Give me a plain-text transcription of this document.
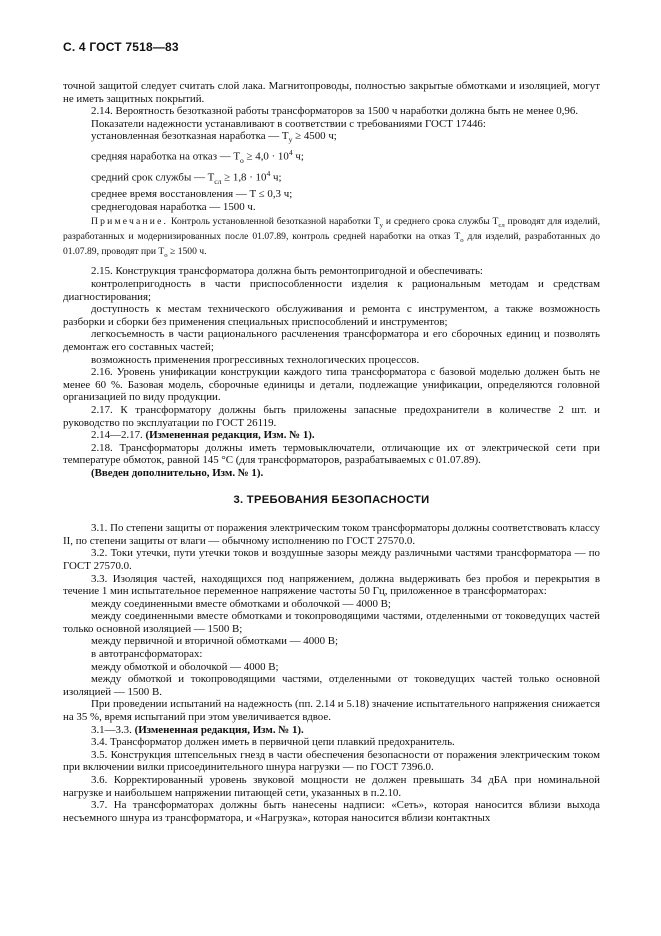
С. 4 ГОСТ 7518—83

точной защитой следует считать слой лака. Магнитопроводы, полностью закрытые обмотками и изоляцией, могут не иметь защитных покрытий.

2.14. Вероятность безотказной работы трансформаторов за 1500 ч наработки должна быть не менее 0,96.

Показатели надежности устанавливают в соответствии с требованиями ГОСТ 17446:

установленная безотказная наработка — $T_у \ge 4500$ ч;

средняя наработка на отказ — $T_о \ge 4,0 \cdot 10^4$ ч;

средний срок службы — $T_{сл} \ge 1,8 \cdot 10^4$ ч;

среднее время восстановления — T ≤ 0,3 ч;

среднегодовая наработка — 1500 ч.

Примечание. Контроль установленной безотказной наработки $T_у$ и среднего срока службы $T_{сл}$ проводят для изделий, разработанных и модернизированных после 01.07.89, контроль средней наработки на отказ $T_о$ для изделий, разработанных до 01.07.89, проводят при $T_о \ge 1500$ ч.

2.15. Конструкция трансформатора должна быть ремонтопригодной и обеспечивать:

контролепригодность в части приспособленности изделия к рациональным методам и средствам диагностирования;

доступность к местам технического обслуживания и ремонта с инструментом, а также возможность разборки и сборки без применения специальных приспособлений и инструментов;

легкосъемность в части рационального расчленения трансформатора и его сборочных единиц и позволять демонтаж его составных частей;

возможность применения прогрессивных технологических процессов.

2.16. Уровень унификации конструкции каждого типа трансформатора с базовой моделью должен быть не менее 60 %. Базовая модель, сборочные единицы и детали, подлежащие унификации, определяются головной организацией по виду продукции.

2.17. К трансформатору должны быть приложены запасные предохранители в количестве 2 шт. и руководство по эксплуатации по ГОСТ 26119.

2.14—2.17. (Измененная редакция, Изм. № 1).

2.18. Трансформаторы должны иметь термовыключатели, отличающие их от электрической сети при температуре обмоток, равной 145 °С (для трансформаторов, разрабатываемых с 01.07.89).

(Введен дополнительно, Изм. № 1).

3. ТРЕБОВАНИЯ БЕЗОПАСНОСТИ

3.1. По степени защиты от поражения электрическим током трансформаторы должны соответствовать классу II, по степени защиты от влаги — обычному исполнению по ГОСТ 27570.0.

3.2. Токи утечки, пути утечки токов и воздушные зазоры между различными частями трансформатора — по ГОСТ 27570.0.

3.3. Изоляция частей, находящихся под напряжением, должна выдерживать без пробоя и перекрытия в течение 1 мин испытательное переменное напряжение частоты 50 Гц, приложенное в трансформаторах:

между соединенными вместе обмотками и оболочкой — 4000 В;

между соединенными вместе обмотками и токопроводящими частями, отделенными от токоведущих частей только основной изоляцией — 1500 В;

между первичной и вторичной обмотками — 4000 В;

в автотрансформаторах:

между обмоткой и оболочкой — 4000 В;

между обмоткой и токопроводящими частями, отделенными от токоведущих частей только основной изоляцией — 1500 В.

При проведении испытаний на надежность (пп. 2.14 и 5.18) значение испытательного напряжения снижается на 35 %, время испытаний при этом увеличивается вдвое.

3.1—3.3. (Измененная редакция, Изм. № 1).

3.4. Трансформатор должен иметь в первичной цепи плавкий предохранитель.

3.5. Конструкция штепсельных гнезд в части обеспечения безопасности от поражения электрическим током при включении вилки присоединительного шнура нагрузки — по ГОСТ 7396.0.

3.6. Корректированный уровень звуковой мощности не должен превышать 34 дБА при номинальной нагрузке и наибольшем напряжении питающей сети, указанных в п.2.10.

3.7. На трансформаторах должны быть нанесены надписи: «Сеть», которая наносится вблизи выхода несъемного шнура из трансформатора, и «Нагрузка», которая наносится вблизи контактных
